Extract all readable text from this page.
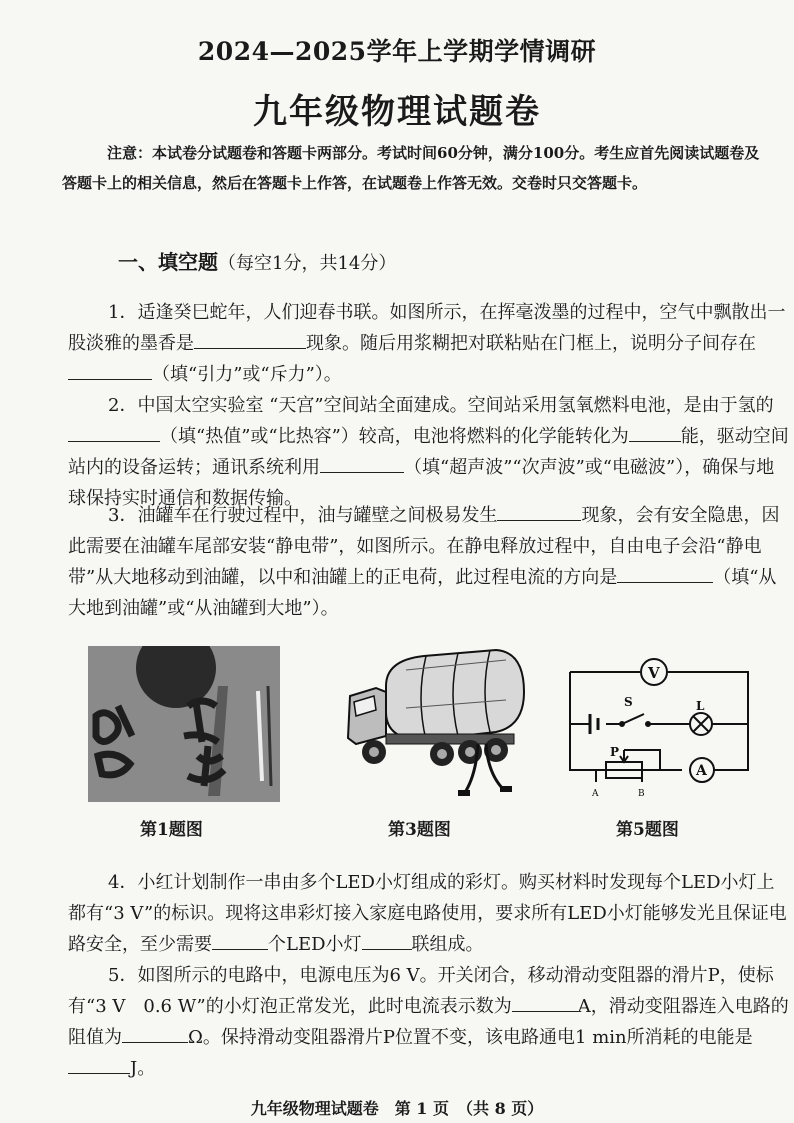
2024—2025学年上学期学情调研
九年级物理试题卷
注意：本试卷分试题卷和答题卡两部分。考试时间60分钟，满分100分。考生应首先阅读试题卷及答题卡上的相关信息，然后在答题卡上作答，在试题卷上作答无效。交卷时只交答题卡。
一、填空题（每空1分，共14分）
1．适逢癸巳蛇年，人们迎春书联。如图所示，在挥毫泼墨的过程中，空气中飘散出一股淡雅的墨香是	现象。随后用浆糊把对联粘贴在门框上，说明分子间存在（填“引力”或“斥力”）。
2．中国太空实验室 “天宫”空间站全面建成。空间站采用氢氧燃料电池，是由于氢的（填“热值”或“比热容”）较高，电池将燃料的化学能转化为	能，驱动空间站内的设备运转；通讯系统利用	（填“超声波”“次声波”或“电磁波”），确保与地球保持实时通信和数据传输。
3．油罐车在行驶过程中，油与罐壁之间极易发生	现象，会有安全隐患，因此需要在油罐车尾部安装“静电带”，如图所示。在静电释放过程中，自由电子会沿“静电带”从大地移动到油罐，以中和油罐上的正电荷，此过程电流的方向是	（填“从大地到油罐”或“从油罐到大地”）。
第1题图	第3题图
V
S	L
P
A
A	B
第5题图
4．小红计划制作一串由多个LED小灯组成的彩灯。购买材料时发现每个LED小灯上都有“3 V”的标识。现将这串彩灯接入家庭电路使用，要求所有LED小灯能够发光且保证电路安全，至少需要	个LED小灯	联组成。
5．如图所示的电路中，电源电压为6 V。开关闭合，移动滑动变阻器的滑片P，使标有“3 V　0.6 W”的小灯泡正常发光，此时电流表示数为	A，滑动变阻器连入电路的阻值为	Ω。保持滑动变阻器滑片P位置不变，该电路通电1 min所消耗的电能是J。
九年级物理试题卷　第 1 页　（共 8 页）
